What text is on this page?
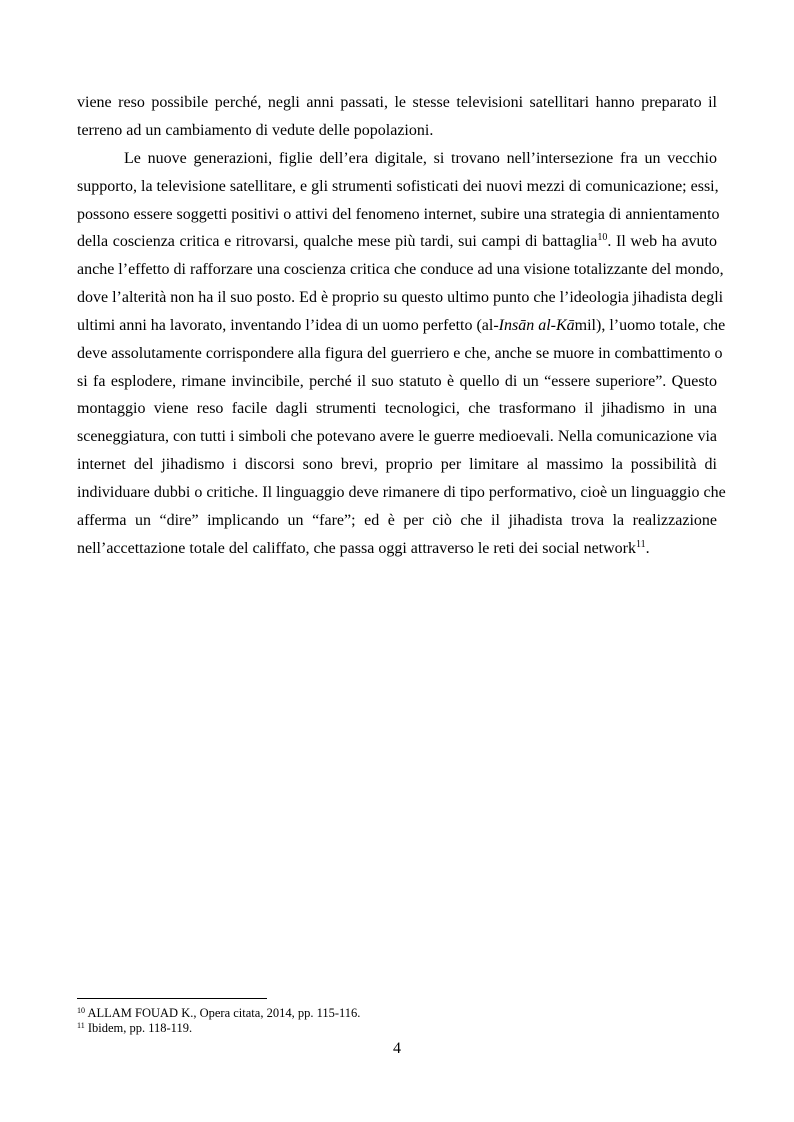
viene reso possibile perché, negli anni passati, le stesse televisioni satellitari hanno preparato il
terreno ad un cambiamento di vedute delle popolazioni.
Le nuove generazioni, figlie dell’era digitale, si trovano nell’intersezione fra un vecchio
supporto, la televisione satellitare, e gli strumenti sofisticati dei nuovi mezzi di comunicazione; essi,
possono essere soggetti positivi o attivi del fenomeno internet, subire una strategia di annientamento
della coscienza critica e ritrovarsi, qualche mese più tardi, sui campi di battaglia$^{10}$. Il web ha avuto
anche l’effetto di rafforzare una coscienza critica che conduce ad una visione totalizzante del mondo,
dove l’alterità non ha il suo posto. Ed è proprio su questo ultimo punto che l’ideologia jihadista degli
ultimi anni ha lavorato, inventando l’idea di un uomo perfetto (al-Insān al-Kāmil), l’uomo totale, che
deve assolutamente corrispondere alla figura del guerriero e che, anche se muore in combattimento o
si fa esplodere, rimane invincibile, perché il suo statuto è quello di un “essere superiore”. Questo
montaggio viene reso facile dagli strumenti tecnologici, che trasformano il jihadismo in una
sceneggiatura, con tutti i simboli che potevano avere le guerre medioevali. Nella comunicazione via
internet del jihadismo i discorsi sono brevi, proprio per limitare al massimo la possibilità di
individuare dubbi o critiche. Il linguaggio deve rimanere di tipo performativo, cioè un linguaggio che
afferma un “dire” implicando un “fare”; ed è per ciò che il jihadista trova la realizzazione
nell’accettazione totale del califfato, che passa oggi attraverso le reti dei social network$^{11}$.
$^{10}$ ALLAM FOUAD K., Opera citata, 2014, pp. 115-116.
$^{11}$ Ibidem, pp. 118-119.
4
